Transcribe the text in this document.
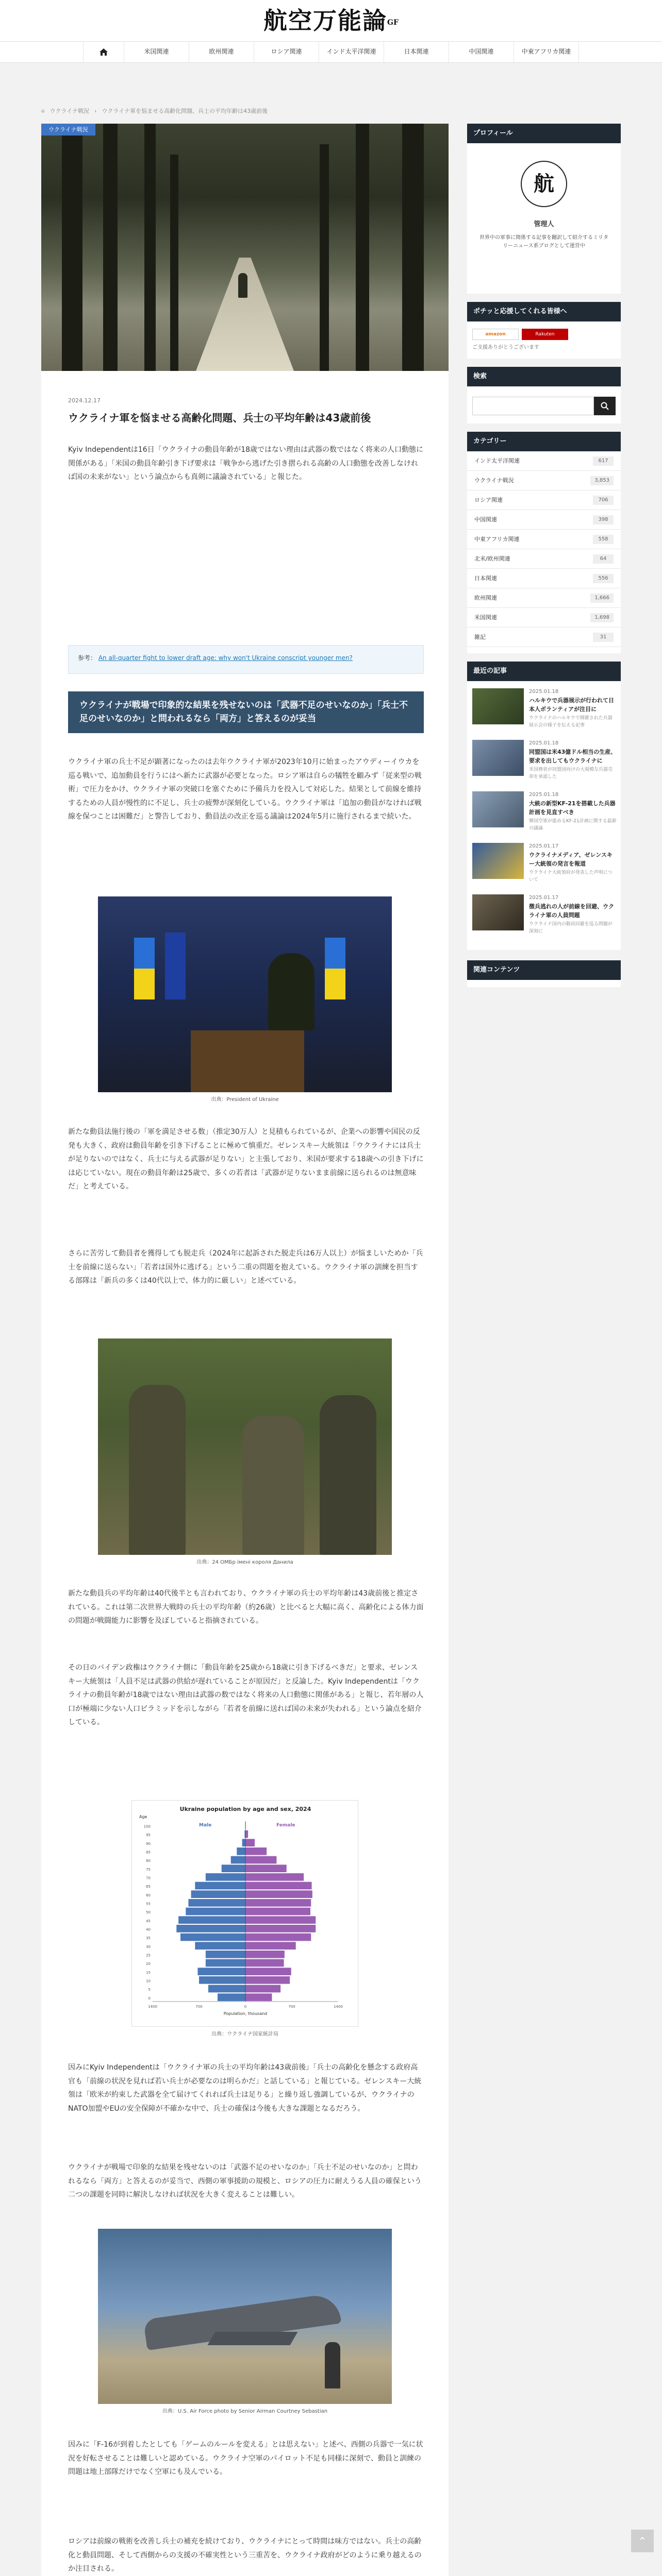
航空万能論GF
米国関連	欧州関連	ロシア関連	インド太平洋関連	日本関連	中国関連	中東アフリカ関連
⌂ ウクライナ戦況 › ウクライナ軍を悩ませる高齢化問題、兵士の平均年齢は43歳前後
ウクライナ戦況
2024.12.17
ウクライナ軍を悩ませる高齢化問題、兵士の平均年齢は43歳前後

Kyiv Independentは16日「ウクライナの動員年齢が18歳ではない理由は武器の数ではなく将来の人口動態に関係がある」「米国の動員年齢引き下げ要求は「戦争から逃げた引き摺られる高齢の人口動態を改善しなければ国の未来がない」という論点からも真剣に議論されている」と報じた。

参考： An all-quarter fight to lower draft age: why won't Ukraine conscript younger men?
ウクライナが戦場で印象的な結果を残せないのは「武器不足のせいなのか」「兵士不足のせいなのか」と問われるなら「両方」と答えるのが妥当

ウクライナ軍の兵士不足が顕著になったのは去年ウクライナ軍が2023年10月に始まったアウディーイウカを巡る戦いで、追加動員を行うにはへ新たに武器が必要となった。ロシア軍は自らの犠牲を顧みず「従来型の戦術」で圧力をかけ、ウクライナ軍の突破口を塞ぐために予備兵力を投入して対応した。結果として前線を維持するための人員が慢性的に不足し、兵士の疲弊が深刻化している。ウクライナ軍は「追加の動員がなければ戦線を保つことは困難だ」と警告しており、動員法の改正を巡る議論は2024年5月に施行されるまで続いた。

出典：President of Ukraine

新たな動員法施行後の「軍を満足させる数」（推定30万人）と見積もられているが、企業への影響や国民の反発も大きく、政府は動員年齢を引き下げることに極めて慎重だ。ゼレンスキー大統領は「ウクライナには兵士が足りないのではなく、兵士に与える武器が足りない」と主張しており、米国が要求する18歳への引き下げには応じていない。現在の動員年齢は25歳で、多くの若者は「武器が足りないまま前線に送られるのは無意味だ」と考えている。

さらに苦労して動員者を獲得しても脱走兵（2024年に起訴された脱走兵は6万人以上）が悩ましいためか「兵士を前線に送らない」「若者は国外に逃げる」という二重の問題を抱えている。ウクライナ軍の訓練を担当する部隊は「新兵の多くは40代以上で、体力的に厳しい」と述べている。

出典：24 ОМБр імені короля Данила

新たな動員兵の平均年齢は40代後半とも言われており、ウクライナ軍の兵士の平均年齢は43歳前後と推定されている。これは第二次世界大戦時の兵士の平均年齢（約26歳）と比べると大幅に高く、高齢化による体力面の問題が戦闘能力に影響を及ぼしていると指摘されている。

その日のバイデン政権はウクライナ側に「動員年齢を25歳から18歳に引き下げるべきだ」と要求、ゼレンスキー大統領は「人員不足は武器の供給が遅れていることが原因だ」と反論した。Kyiv Independentは「ウクライナの動員年齢が18歳ではない理由は武器の数ではなく将来の人口動態に関係がある」と報じ、若年層の人口が極端に少ない人口ピラミッドを示しながら「若者を前線に送れば国の未来が失われる」という論点を紹介している。

Ukraine population by age and sex, 2024
0
5
10
15
20
25
30
35
40
45
50
55
60
65
70
75
80
85
90
95
100
1400	700	0	700	1400
Population, thousand
Age
Male	Female
出典：ウクライナ国家統計局

因みにKyiv Independentは「ウクライナ軍の兵士の平均年齢は43歳前後」「兵士の高齢化を懸念する政府高官も「前線の状況を見れば若い兵士が必要なのは明らかだ」と話している」と報じている。ゼレンスキー大統領は「欧米が約束した武器を全て届けてくれれば兵士は足りる」と繰り返し強調しているが、ウクライナのNATO加盟やEUの安全保障が不確かな中で、兵士の確保は今後も大きな課題となるだろう。

ウクライナが戦場で印象的な結果を残せないのは「武器不足のせいなのか」「兵士不足のせいなのか」と問われるなら「両方」と答えるのが妥当で、西側の軍事援助の規模と、ロシアの圧力に耐えうる人員の確保という二つの課題を同時に解決しなければ状況を大きく変えることは難しい。

出典：U.S. Air Force photo by Senior Airman Courtney Sebastian

因みに「F-16が到着したとしても「ゲームのルールを変える」とは思えない」と述べ、西側の兵器で一気に状況を好転させることは難しいと認めている。ウクライナ空軍のパイロット不足も同様に深刻で、動員と訓練の問題は地上部隊だけでなく空軍にも及んでいる。

ロシアは前線の戦術を改善し兵士の補充を続けており、ウクライナにとって時間は味方ではない。兵士の高齢化と動員問題、そして西側からの支援の不確実性という三重苦を、ウクライナ政府がどのように乗り越えるのか注目される。

プロフィール
航
管理人
世界中の軍事に関係する記事を翻訳して紹介するミリタリーニュース系ブログとして運営中
ポチッと応援してくれる皆様へ
amazon	Rakuten
ご支援ありがとうございます
検索
カテゴリー
インド太平洋関連	617
ウクライナ戦況	3,853
ロシア関連	706
中国関連	398
中東アフリカ関連	558
北米/欧州関連	64
日本関連	556
欧州関連	1,666
米国関連	1,698
雑記	31
最近の記事
2025.01.18
ハルキウで兵器展示が行われて日本人ボランティアが注目に
ウクライナのハルキウで開催された兵器展示会の様子を伝える記事
2025.01.18
同盟国は米43億ドル相当の生産、要求を出してもウクライナに
米国務省が同盟国向けの大規模な兵器売却を承認した
2025.01.18
大統の新型KF-21を搭載した兵器計画を見直すべき
韓国空軍が進めるKF-21計画に関する最新の議論
2025.01.17
ウクライナメディア、ゼレンスキー大統領の発言を報道
ウクライナ大統領府が発表した声明について
2025.01.17
徴兵逃れの人が前線を回避、ウクライナ軍の人員問題
ウクライナ国内の動員回避を巡る問題が深刻に
関連コンテンツ
⌃
